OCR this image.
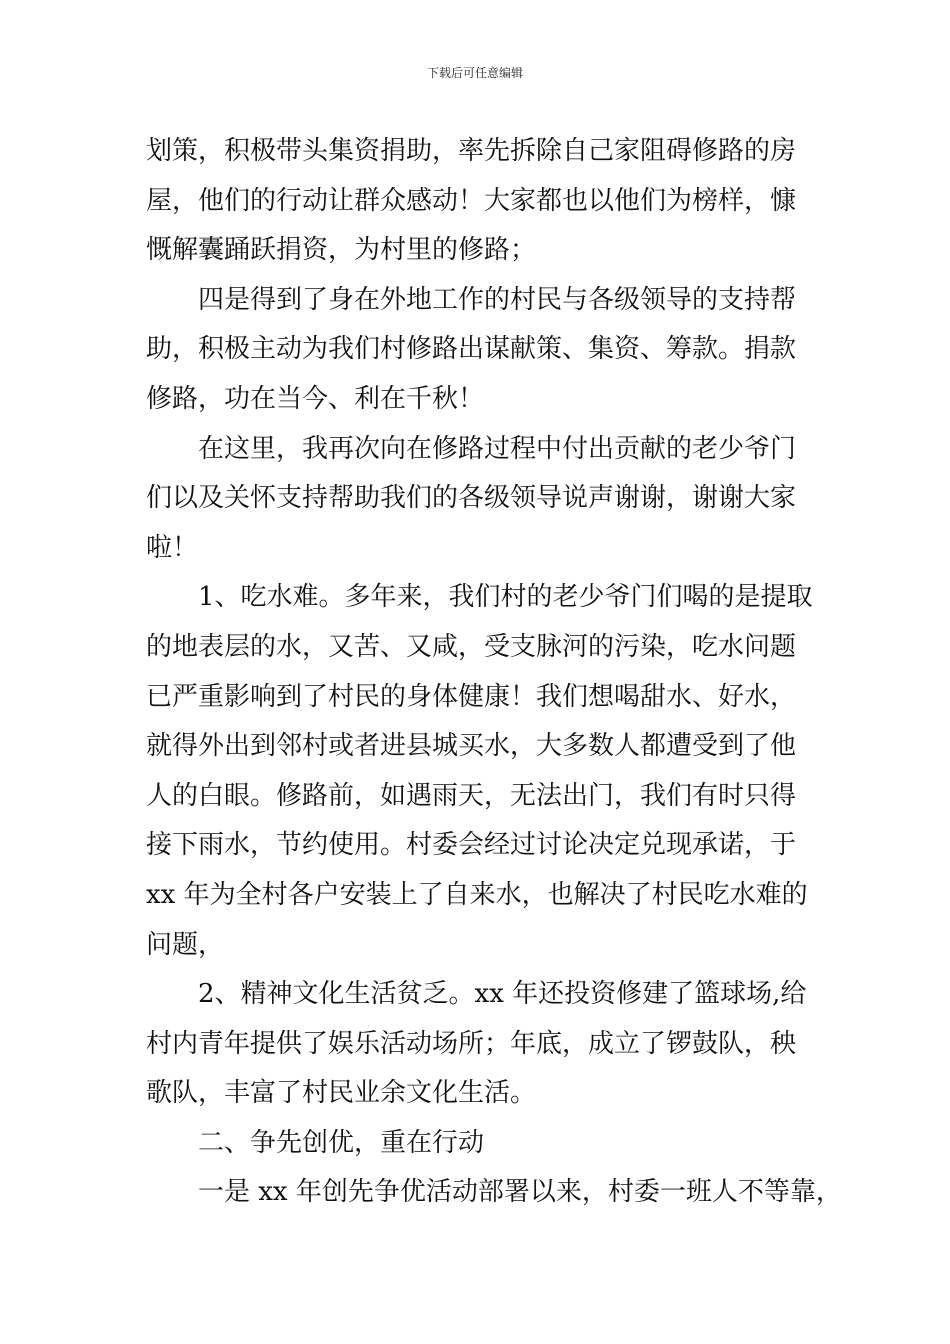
下载后可任意编辑
划策，积极带头集资捐助，率先拆除自己家阻碍修路的房
屋，他们的行动让群众感动！大家都也以他们为榜样，慷
慨解囊踊跃捐资，为村里的修路；
四是得到了身在外地工作的村民与各级领导的支持帮
助，积极主动为我们村修路出谋献策、集资、筹款。捐款
修路，功在当今、利在千秋！
在这里，我再次向在修路过程中付出贡献的老少爷门
们以及关怀支持帮助我们的各级领导说声谢谢，谢谢大家
啦！
1、吃水难。多年来，我们村的老少爷门们喝的是提取
的地表层的水，又苦、又咸，受支脉河的污染，吃水问题
已严重影响到了村民的身体健康！我们想喝甜水、好水，
就得外出到邻村或者进县城买水，大多数人都遭受到了他
人的白眼。修路前，如遇雨天，无法出门，我们有时只得
接下雨水，节约使用。村委会经过讨论决定兑现承诺，于
xx 年为全村各户安装上了自来水，也解决了村民吃水难的
问题，
2、精神文化生活贫乏。xx 年还投资修建了篮球场,给
村内青年提供了娱乐活动场所；年底，成立了锣鼓队，秧
歌队，丰富了村民业余文化生活。
二、争先创优，重在行动
一是 xx 年创先争优活动部署以来，村委一班人不等靠，
